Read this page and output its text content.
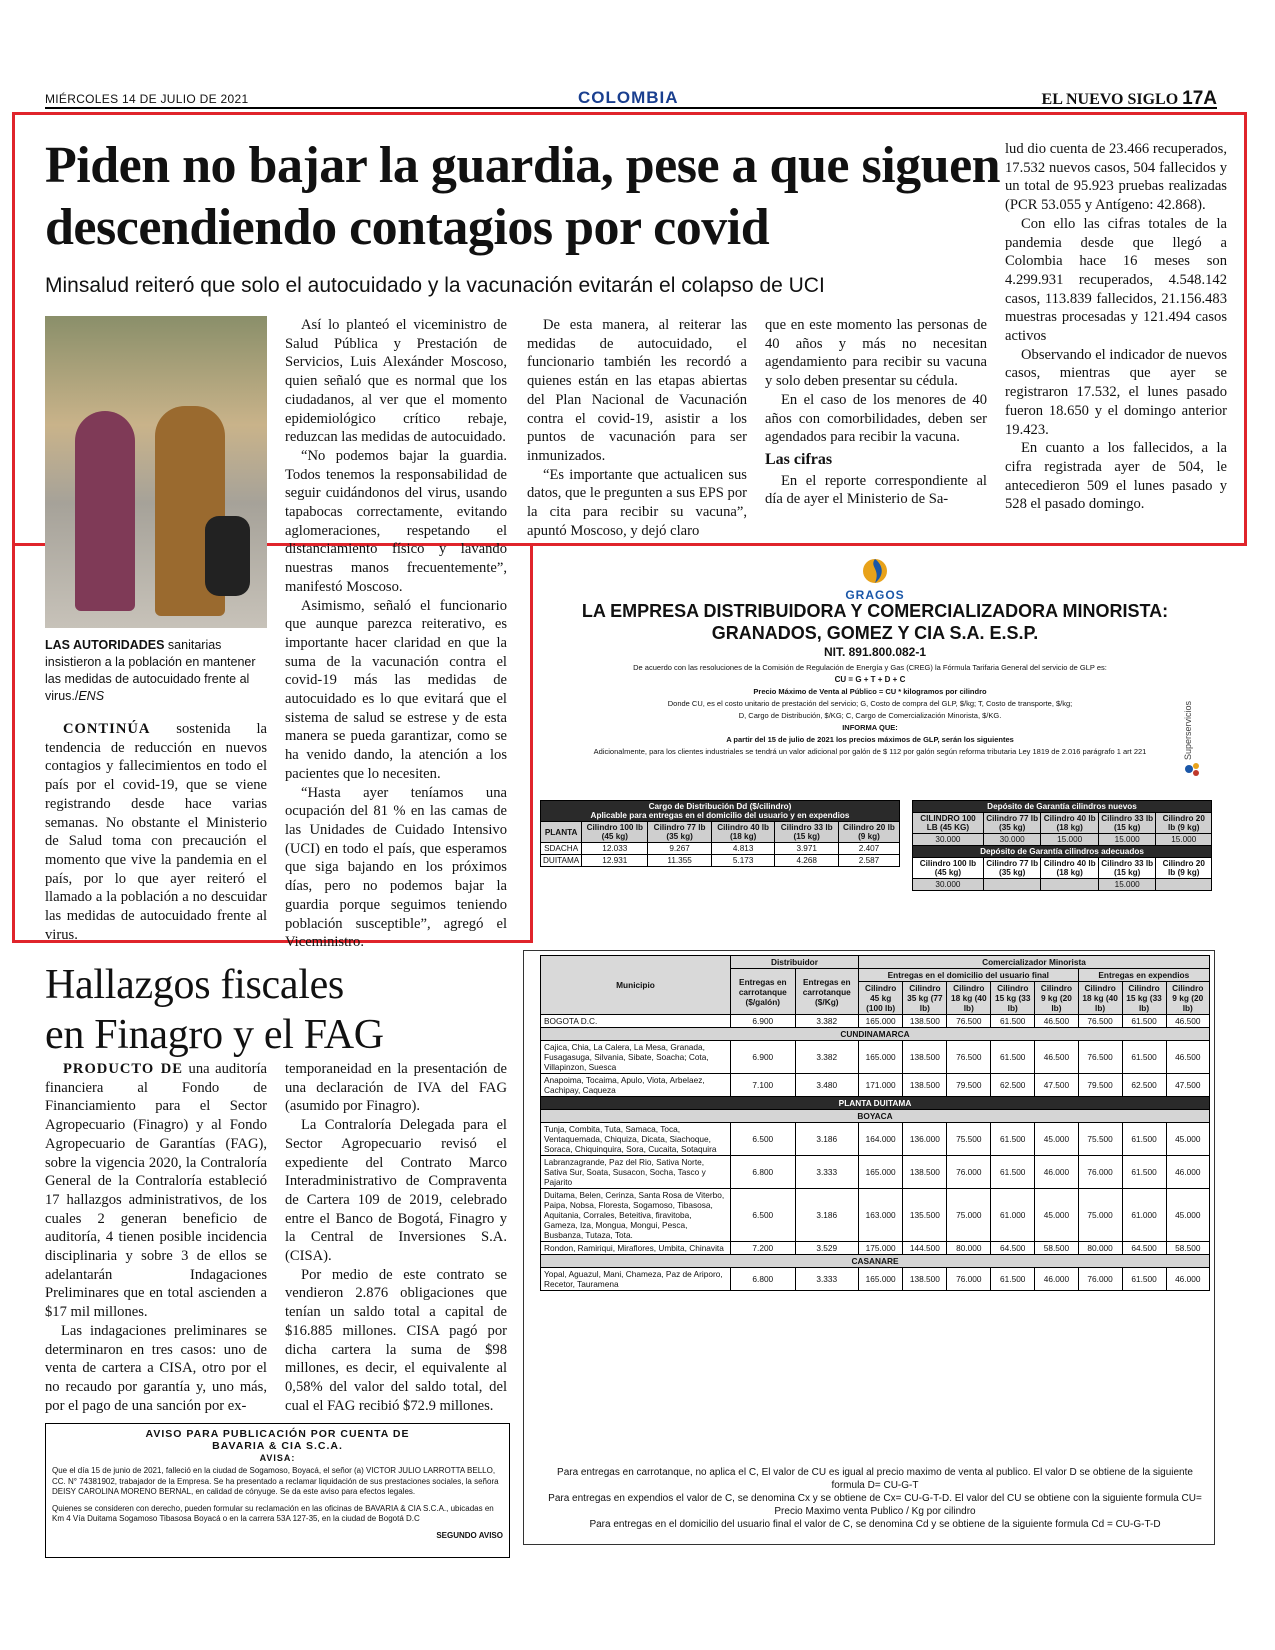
MIÉRCOLES 14 DE JULIO DE 2021	COLOMBIA	EL NUEVO SIGLO 17A
Piden no bajar la guardia, pese a que siguen descendiendo contagios por covid
Minsalud reiteró que solo el autocuidado y la vacunación evitarán el colapso de UCI
LAS AUTORIDADES sanitarias insistieron a la población en mantener las medidas de autocuidado frente al virus./ENS
CONTINÚA sostenida la tendencia de reducción en nuevos contagios y fallecimientos en todo el país por el covid-19, que se viene registrando desde hace varias semanas. No obstante el Ministerio de Salud toma con precaución el momento que vive la pandemia en el país, por lo que ayer reiteró el llamado a la población a no descuidar las medidas de autocuidado frente al virus.

Así lo planteó el viceministro de Salud Pública y Prestación de Servicios, Luis Alexánder Moscoso, quien señaló que es normal que los ciudadanos, al ver que el momento epidemiológico crítico rebaje, reduzcan las medidas de autocuidado.

“No podemos bajar la guardia. Todos tenemos la responsabilidad de seguir cuidándonos del virus, usando tapabocas correctamente, evitando aglomeraciones, respetando el distanciamiento físico y lavando nuestras manos frecuentemente”, manifestó Moscoso.

Asimismo, señaló el funcionario que aunque parezca reiterativo, es importante hacer claridad en que la suma de la vacunación contra el covid-19 más las medidas de autocuidado es lo que evitará que el sistema de salud se estrese y de esta manera se pueda garantizar, como se ha venido dando, la atención a los pacientes que lo necesiten.

“Hasta ayer teníamos una ocupación del 81 % en las camas de las Unidades de Cuidado Intensivo (UCI) en todo el país, que esperamos que siga bajando en los próximos días, pero no podemos bajar la guardia porque seguimos teniendo población susceptible”, agregó el Viceministro.

De esta manera, al reiterar las medidas de autocuidado, el funcionario también les recordó a quienes están en las etapas abiertas del Plan Nacional de Vacunación contra el covid-19, asistir a los puntos de vacunación para ser inmunizados.

“Es importante que actualicen sus datos, que le pregunten a sus EPS por la cita para recibir su vacuna”, apuntó Moscoso, y dejó claro

que en este momento las personas de 40 años y más no necesitan agendamiento para recibir su vacuna y solo deben presentar su cédula.

En el caso de los menores de 40 años con comorbilidades, deben ser agendados para recibir la vacuna.

Las cifras

En el reporte correspondiente al día de ayer el Ministerio de Sa-

lud dio cuenta de 23.466 recuperados, 17.532 nuevos casos, 504 fallecidos y un total de 95.923 pruebas realizadas (PCR 53.055 y Antígeno: 42.868).

Con ello las cifras totales de la pandemia desde que llegó a Colombia hace 16 meses son 4.299.931 recuperados, 4.548.142 casos, 113.839 fallecidos, 21.156.483 muestras procesadas y 121.494 casos activos

Observando el indicador de nuevos casos, mientras que ayer se registraron 17.532, el lunes pasado fueron 18.650 y el domingo anterior 19.423.

En cuanto a los fallecidos, a la cifra registrada ayer de 504, le antecedieron 509 el lunes pasado y 528 el pasado domingo.

Hallazgos fiscales
en Finagro y el FAG
PRODUCTO DE una auditoría financiera al Fondo de Financiamiento para el Sector Agropecuario (Finagro) y al Fondo Agropecuario de Garantías (FAG), sobre la vigencia 2020, la Contraloría General de la Contraloría estableció 17 hallazgos administrativos, de los cuales 2 generan beneficio de auditoría, 4 tienen posible incidencia disciplinaria y sobre 3 de ellos se adelantarán Indagaciones Preliminares que en total ascienden a $17 mil millones.

Las indagaciones preliminares se determinaron en tres casos: uno de venta de cartera a CISA, otro por el no recaudo por garantía y, uno más, por el pago de una sanción por ex-

temporaneidad en la presentación de una declaración de IVA del FAG (asumido por Finagro).

La Contraloría Delegada para el Sector Agropecuario revisó el expediente del Contrato Marco Interadministrativo de Compraventa de Cartera 109 de 2019, celebrado entre el Banco de Bogotá, Finagro y la Central de Inversiones S.A. (CISA).

Por medio de este contrato se vendieron 2.876 obligaciones que tenían un saldo total a capital de $16.885 millones. CISA pagó por dicha cartera la suma de $98 millones, es decir, el equivalente al 0,58% del valor del saldo total, del cual el FAG recibió $72.9 millones.

AVISO PARA PUBLICACIÓN POR CUENTA DE
BAVARIA & CIA S.C.A.
AVISA:
Que el día 15 de junio de 2021, falleció en la ciudad de Sogamoso, Boyacá, el señor (a) VICTOR JULIO LARROTTA BELLO, CC. N° 74381902, trabajador de la Empresa. Se ha presentado a reclamar liquidación de sus prestaciones sociales, la señora DEISY CAROLINA MORENO BERNAL, en calidad de cónyuge. Se da este aviso para efectos legales.
Quienes se consideren con derecho, pueden formular su reclamación en las oficinas de BAVARIA & CIA S.C.A., ubicadas en Km 4 Vía Duitama Sogamoso Tibasosa Boyacá o en la carrera 53A 127-35, en la ciudad de Bogotá D.C
SEGUNDO AVISO
GRAGOS
LA EMPRESA DISTRIBUIDORA Y COMERCIALIZADORA MINORISTA:
GRANADOS, GOMEZ Y CIA S.A. E.S.P.
NIT. 891.800.082-1
De acuerdo con las resoluciones de la Comisión de Regulación de Energía y Gas (CREG) la Fórmula Tarifaria General del servicio de GLP es:
CU = G + T + D + C
Precio Máximo de Venta al Público = CU * kilogramos por cilindro
Donde CU, es el costo unitario de prestación del servicio; G, Costo de compra del GLP, $/kg; T, Costo de transporte, $/kg;
D, Cargo de Distribución, $/KG; C, Cargo de Comercialización Minorista, $/KG.
INFORMA QUE:
A partir del 15 de julio de 2021 los precios máximos de GLP, serán los siguientes
Adicionalmente, para los clientes industriales se tendrá un valor adicional por galón de $ 112 por galón según reforma tributaria Ley 1819 de 2.016 parágrafo 1 art 221	Superservicios
Cargo de Distribución Dd ($/cilindro)
Aplicable para entregas en el domicilio del usuario y en expendios					
PLANTA	Cilindro 100 lb (45 kg)	Cilindro 77 lb (35 kg)	Cilindro 40 lb (18 kg)	Cilindro 33 lb (15 kg)	Cilindro 20 lb (9 kg)
SDACHA	12.033	9.267	4.813	3.971	2.407
DUITAMA	12.931	11.355	5.173	4.268	2.587
Depósito de Garantía cilindros nuevos				
CILINDRO 100 LB (45 KG)	Cilindro 77 lb (35 kg)	Cilindro 40 lb (18 kg)	Cilindro 33 lb (15 kg)	Cilindro 20 lb (9 kg)
30.000	30.000	15.000	15.000	15.000
Depósito de Garantía cilindros adecuados				
Cilindro 100 lb (45 kg)	Cilindro 77 lb (35 kg)	Cilindro 40 lb (18 kg)	Cilindro 33 lb (15 kg)	Cilindro 20 lb (9 kg)
30.000			15.000	
Municipio	Distribuidor		Comercializador Minorista							
	Entregas en carrotanque ($/galón)	Entregas en carrotanque ($/Kg)	Entregas en el domicilio del usuario final					Entregas en expendios		
			Cilindro 45 kg (100 lb)	Cilindro 35 kg (77 lb)	Cilindro 18 kg (40 lb)	Cilindro 15 kg (33 lb)	Cilindro 9 kg (20 lb)	Cilindro 18 kg (40 lb)	Cilindro 15 kg (33 lb)	Cilindro 9 kg (20 lb)
BOGOTA D.C.	6.900	3.382	165.000	138.500	76.500	61.500	46.500	76.500	61.500	46.500
CUNDINAMARCA										
Cajica, Chia, La Calera, La Mesa, Granada, Fusagasuga, Silvania, Sibate, Soacha; Cota, Villapinzon, Suesca	6.900	3.382	165.000	138.500	76.500	61.500	46.500	76.500	61.500	46.500
Anapoima, Tocaima, Apulo, Viota, Arbelaez, Cachipay, Caqueza	7.100	3.480	171.000	138.500	79.500	62.500	47.500	79.500	62.500	47.500
PLANTA DUITAMA										
BOYACA										
Tunja, Combita, Tuta, Samaca, Toca, Ventaquemada, Chiquiza, Dicata, Siachoque, Soraca, Chiquinquira, Sora, Cucaita, Sotaquira	6.500	3.186	164.000	136.000	75.500	61.500	45.000	75.500	61.500	45.000
Labranzagrande, Paz del Rio, Sativa Norte, Sativa Sur, Soata, Susacon, Socha, Tasco y Pajarito	6.800	3.333	165.000	138.500	76.000	61.500	46.000	76.000	61.500	46.000
Duitama, Belen, Cerinza, Santa Rosa de Viterbo, Paipa, Nobsa, Floresta, Sogamoso, Tibasosa, Aquitania, Corrales, Beteitiva, firavitoba, Gameza, Iza, Mongua, Mongui, Pesca, Busbanza, Tutaza, Tota.	6.500	3.186	163.000	135.500	75.000	61.000	45.000	75.000	61.000	45.000
Rondon, Ramiriqui, Miraflores, Umbita, Chinavita	7.200	3.529	175.000	144.500	80.000	64.500	58.500	80.000	64.500	58.500
CASANARE										
Yopal, Aguazul, Mani, Chameza, Paz de Ariporo, Recetor, Tauramena	6.800	3.333	165.000	138.500	76.000	61.500	46.000	76.000	61.500	46.000
Para entregas en carrotanque, no aplica el C, El valor de CU es igual al precio maximo de venta al publico. El valor D se obtiene de la siguiente formula D= CU-G-T
Para entregas en expendios el valor de C, se denomina Cx y se obtiene de Cx= CU-G-T-D. El valor del CU se obtiene con la siguiente formula CU= Precio Maximo venta Publico / Kg por cilindro
Para entregas en el domicilio del usuario final el valor de C, se denomina Cd y se obtiene de la siguiente formula Cd = CU-G-T-D
